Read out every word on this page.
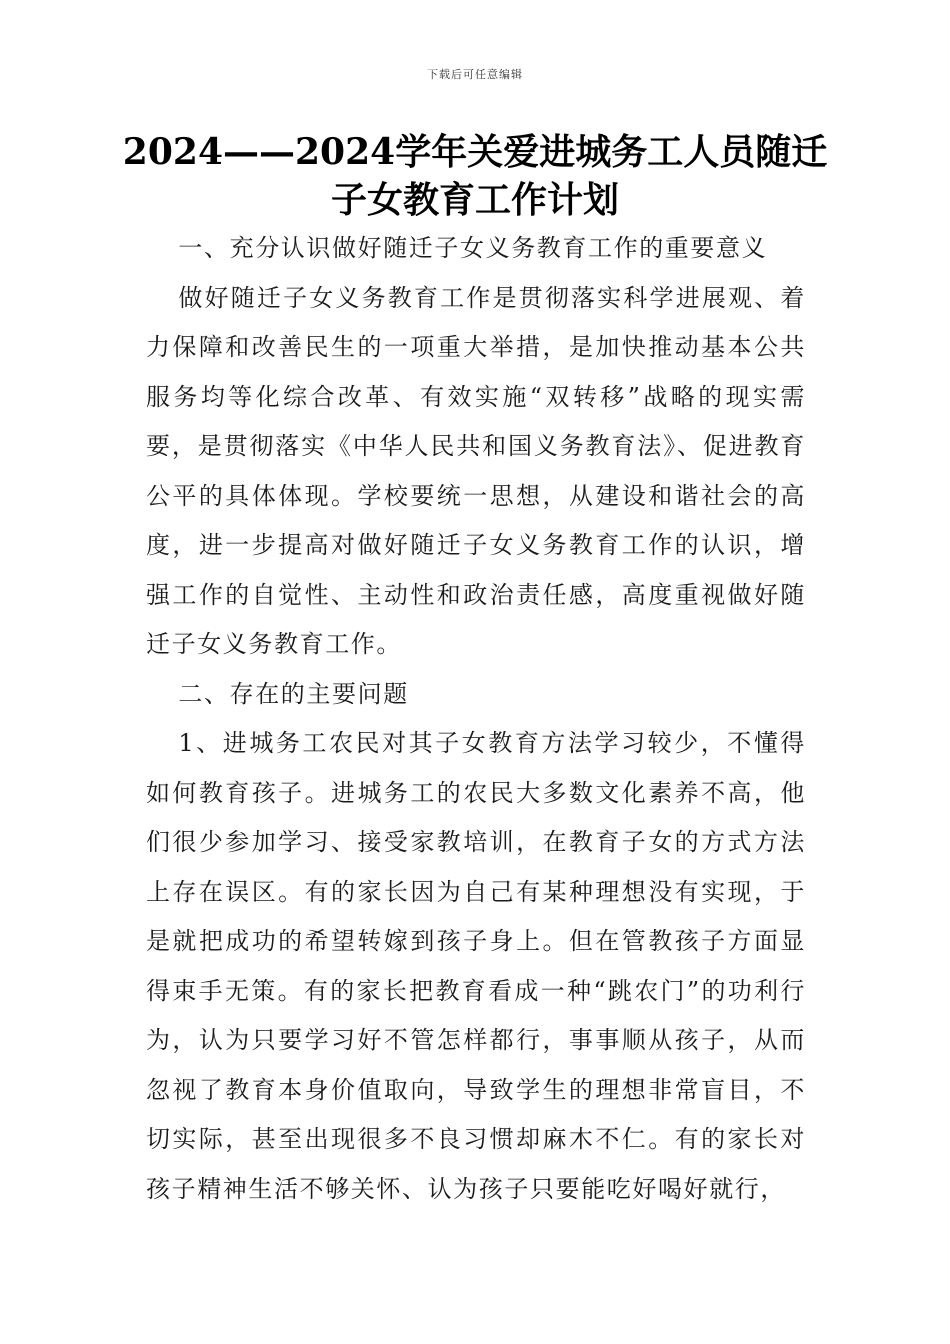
下载后可任意编辑
2024——2024学年关爱进城务工人员随迁
子女教育工作计划

一、充分认识做好随迁子女义务教育工作的重要意义

做好随迁子女义务教育工作是贯彻落实科学进展观、着力保障和改善民生的一项重大举措，是加快推动基本公共服务均等化综合改革、有效实施“双转移”战略的现实需要，是贯彻落实《中华人民共和国义务教育法》、促进教育公平的具体体现。学校要统一思想，从建设和谐社会的高度，进一步提高对做好随迁子女义务教育工作的认识，增强工作的自觉性、主动性和政治责任感，高度重视做好随迁子女义务教育工作。

二、存在的主要问题

1、进城务工农民对其子女教育方法学习较少，不懂得如何教育孩子。进城务工的农民大多数文化素养不高，他们很少参加学习、接受家教培训，在教育子女的方式方法上存在误区。有的家长因为自己有某种理想没有实现，于是就把成功的希望转嫁到孩子身上。但在管教孩子方面显得束手无策。有的家长把教育看成一种“跳农门”的功利行为，认为只要学习好不管怎样都行，事事顺从孩子，从而忽视了教育本身价值取向，导致学生的理想非常盲目，不切实际，甚至出现很多不良习惯却麻木不仁。有的家长对孩子精神生活不够关怀、认为孩子只要能吃好喝好就行，
